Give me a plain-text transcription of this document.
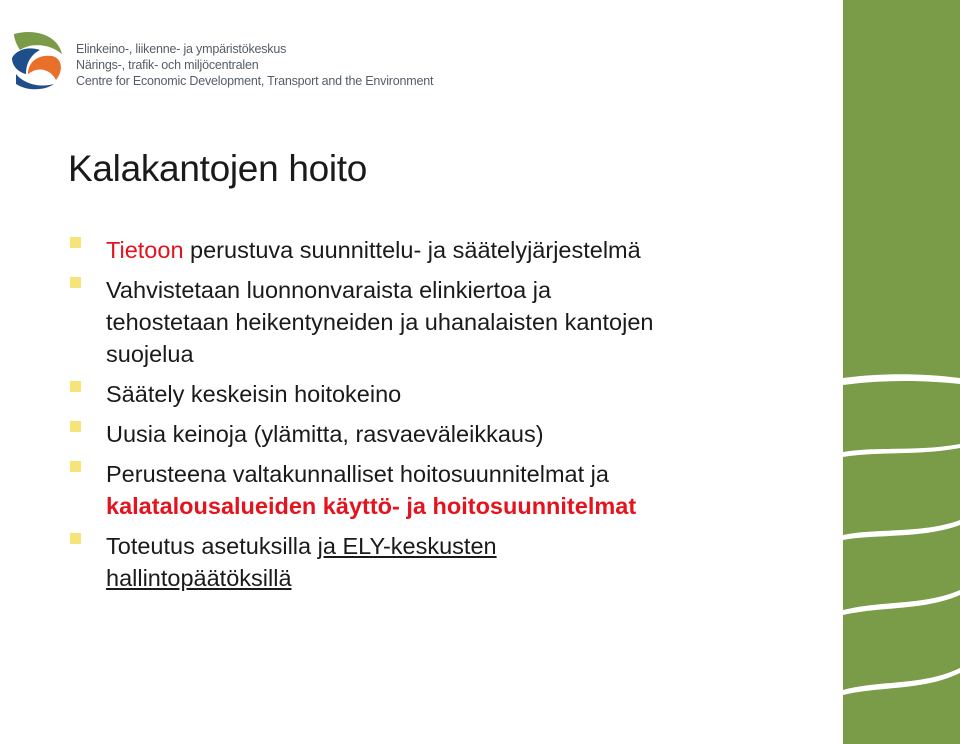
Elinkeino-, liikenne- ja ympäristökeskus
Närings-, trafik- och miljöcentralen
Centre for Economic Development, Transport and the Environment
Kalakantojen hoito
Tietoon perustuva suunnittelu- ja säätelyjärjestelmä
Vahvistetaan luonnonvaraista elinkiertoa ja
tehostetaan heikentyneiden ja uhanalaisten kantojen
suojelua
Säätely keskeisin hoitokeino
Uusia keinoja (ylämitta, rasvaeväleikkaus)
Perusteena valtakunnalliset hoitosuunnitelmat ja
kalatalousalueiden käyttö- ja hoitosuunnitelmat
Toteutus asetuksilla ja ELY-keskusten
hallintopäätöksillä
